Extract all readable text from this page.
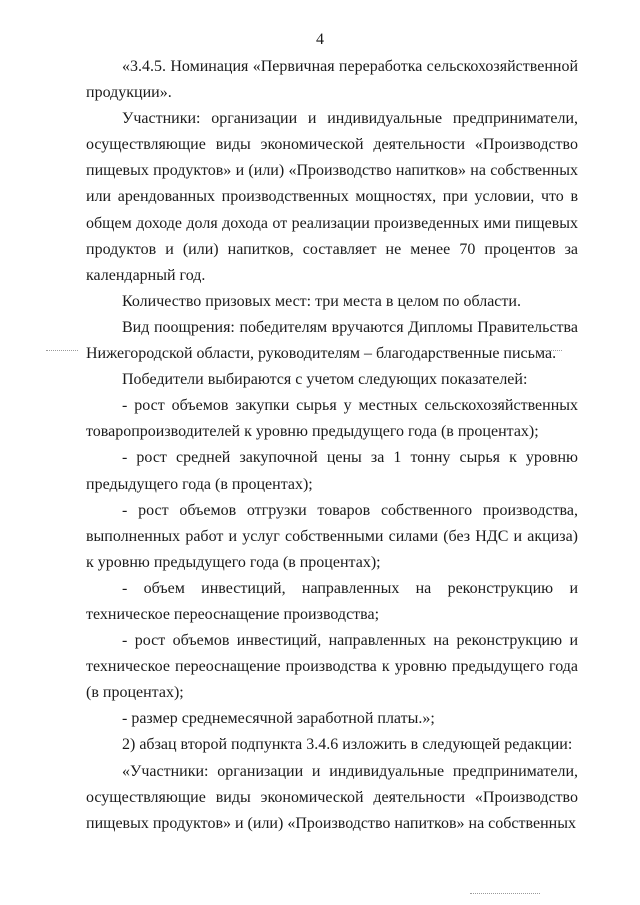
4

«3.4.5. Номинация «Первичная переработка сельскохозяйственной продукции».

Участники: организации и индивидуальные предприниматели, осуществляющие виды экономической деятельности «Производство пищевых продуктов» и (или) «Производство напитков» на собственных или арендованных производственных мощностях, при условии, что в общем доходе доля дохода от реализации произведенных ими пищевых продуктов и (или) напитков, составляет не менее 70 процентов за календарный год.

Количество призовых мест: три места в целом по области.

Вид поощрения: победителям вручаются Дипломы Правительства Нижегородской области, руководителям – благодарственные письма.

Победители выбираются с учетом следующих показателей:

- рост объемов закупки сырья у местных сельскохозяйственных товаропроизводителей к уровню предыдущего года (в процентах);

- рост средней закупочной цены за 1 тонну сырья к уровню предыдущего года (в процентах);

- рост объемов отгрузки товаров собственного производства, выполненных работ и услуг собственными силами (без НДС и акциза) к уровню предыдущего года (в процентах);

- объем инвестиций, направленных на реконструкцию и техническое переоснащение производства;

- рост объемов инвестиций, направленных на реконструкцию и техническое переоснащение производства к уровню предыдущего года (в процентах);

- размер среднемесячной заработной платы.»;

2) абзац второй подпункта 3.4.6 изложить в следующей редакции:

«Участники: организации и индивидуальные предприниматели, осуществляющие виды экономической деятельности «Производство пищевых продуктов» и (или) «Производство напитков» на собственных
